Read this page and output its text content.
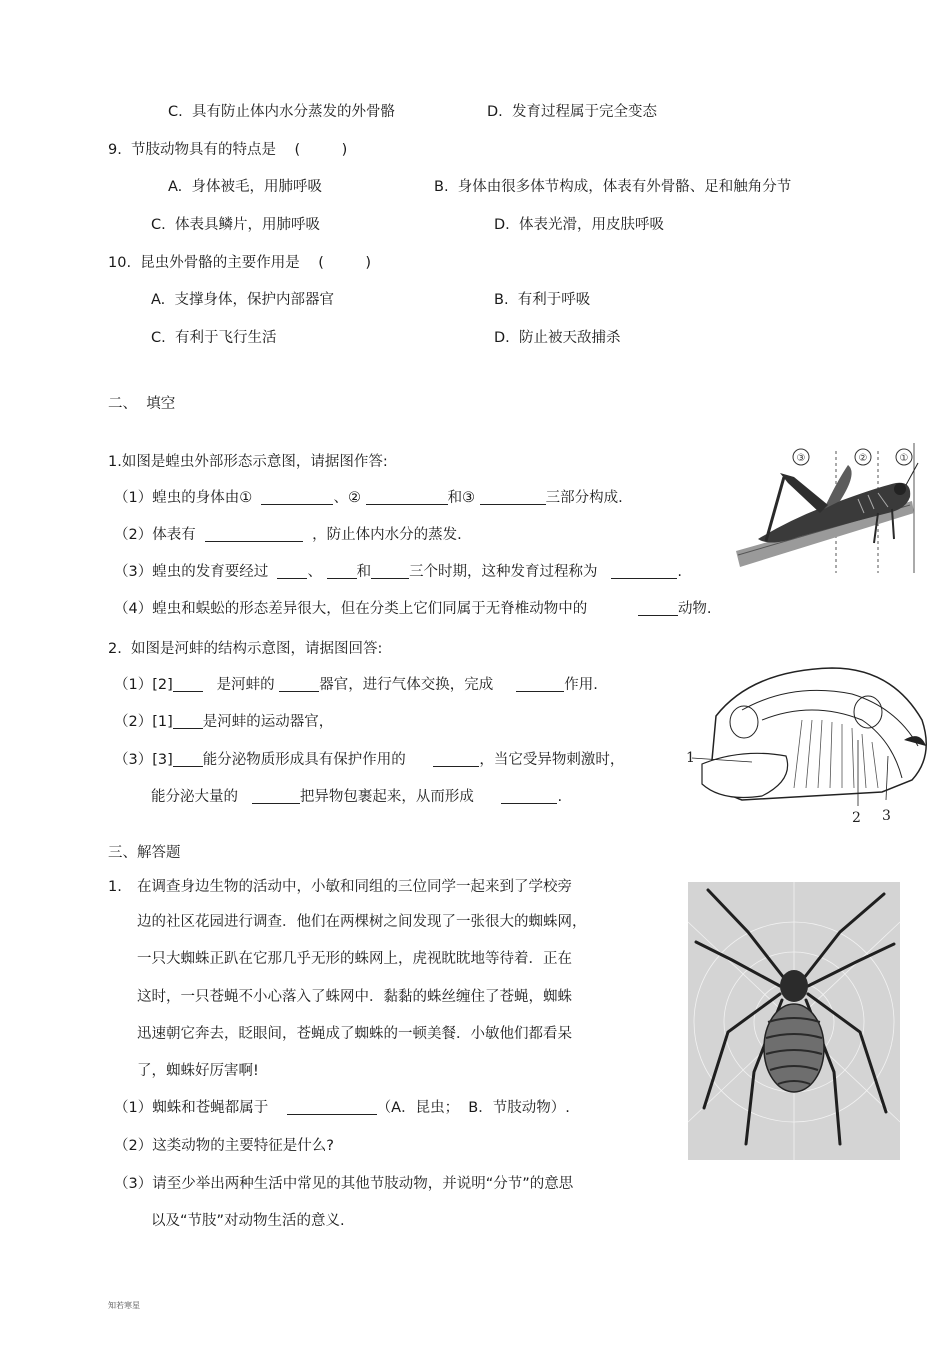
C.  具有防止体内水分蒸发的外骨骼	D.  发育过程属于完全变态
9.  节肢动物具有的特点是 (         )
A.  身体被毛，用肺呼吸	B.  身体由很多体节构成，体表有外骨骼、足和触角分节
C.  体表具鳞片，用肺呼吸	D.  体表光滑，用皮肤呼吸
10.  昆虫外骨骼的主要作用是 (         )
A.  支撑身体，保护内部器官	B.  有利于呼吸
C.  有利于飞行生活	D.  防止被天敌捕杀
二、  填空
1.如图是蝗虫外部形态示意图，请据图作答:
（1）蝗虫的身体由①	、②	和③	三部分构成.
（2）体表有	，防止体内水分的蒸发.
（3）蝗虫的发育要经过	、 和	三个时期，这种发育过程称为	.
（4）蝗虫和蜈蚣的形态差异很大，但在分类上它们同属于无脊椎动物中的	动物.
③	②	①
2.  如图是河蚌的结构示意图，请据图回答:
（1）[2]	是河蚌的	器官，进行气体交换，完成	作用.
（2）[1] 是河蚌的运动器官，
（3）[3] 能分泌物质形成具有保护作用的	，当它受异物刺激时，
能分泌大量的	把异物包裹起来，从而形成	.
1
2 3
三、解答题
1. 在调查身边生物的活动中，小敏和同组的三位同学一起来到了学校旁
边的社区花园进行调查．他们在两棵树之间发现了一张很大的蜘蛛网，
一只大蜘蛛正趴在它那几乎无形的蛛网上，虎视眈眈地等待着．正在
这时，一只苍蝇不小心落入了蛛网中．黏黏的蛛丝缠住了苍蝇，蜘蛛
迅速朝它奔去，眨眼间，苍蝇成了蜘蛛的一顿美餐．小敏他们都看呆
了，蜘蛛好厉害啊!
（1）蜘蛛和苍蝇都属于	（A．昆虫；  B．节肢动物）.
（2）这类动物的主要特征是什么?
（3）请至少举出两种生活中常见的其他节肢动物，并说明“分节”的意思
以及“节肢”对动物生活的意义.
知若寒星
